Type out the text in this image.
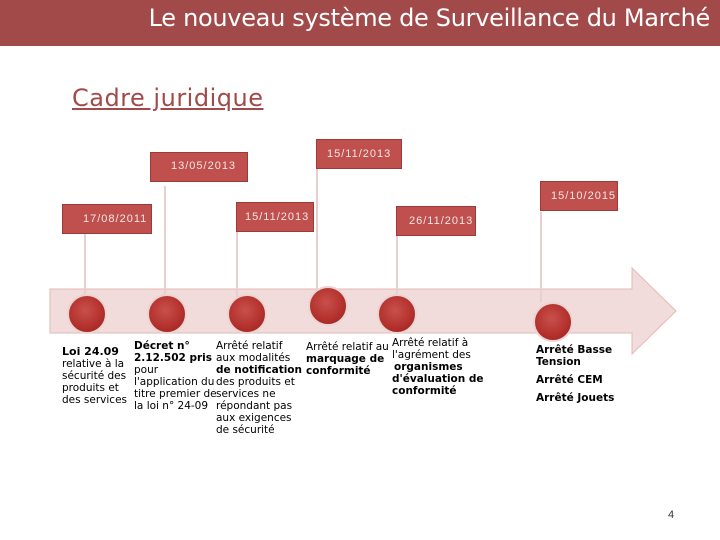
Le nouveau système de Surveillance du Marché
Cadre juridique
13/05/2013
15/11/2013
15/10/2015
17/08/2011	15/11/2013	26/11/2013
Loi 24.09
relative à la
sécurité des
produits et
des services
Décret n°
2.12.502 pris
pour
l'application du
titre premier de
la loi n° 24-09
Arrêté relatif
aux modalités
de notification
des produits et
services ne
répondant pas
aux exigences
de sécurité
Arrêté relatif au
marquage de
conformité
Arrêté relatif à
l'agrément des
organismes
d'évaluation de
conformité
Arrêté Basse
Tension
Arrêté CEM
Arrêté Jouets
4
